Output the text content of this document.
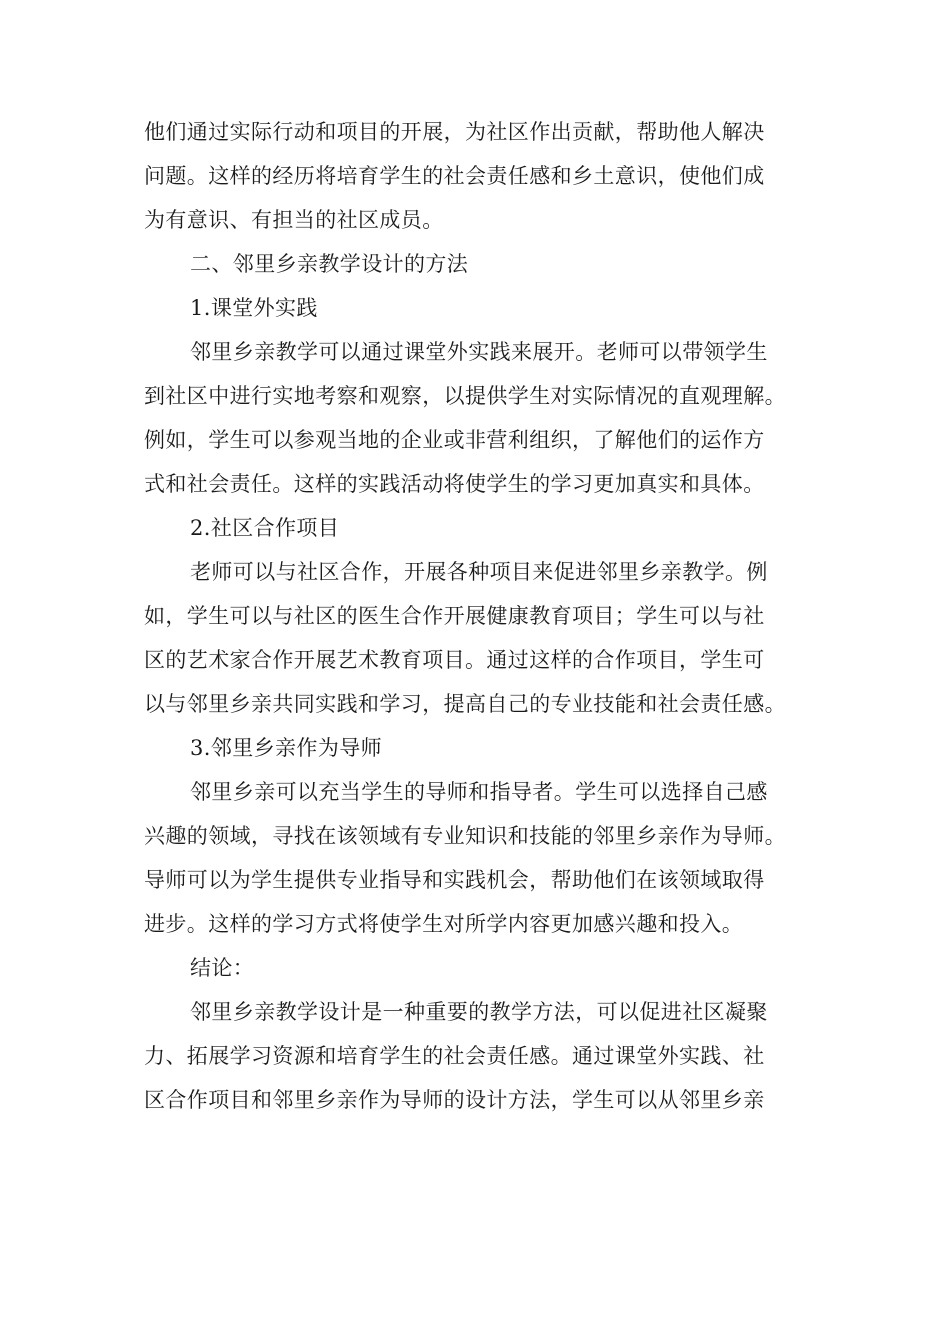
他们通过实际行动和项目的开展，为社区作出贡献，帮助他人解决
问题。这样的经历将培育学生的社会责任感和乡土意识，使他们成
为有意识、有担当的社区成员。
二、邻里乡亲教学设计的方法
1.课堂外实践
邻里乡亲教学可以通过课堂外实践来展开。老师可以带领学生
到社区中进行实地考察和观察，以提供学生对实际情况的直观理解。
例如，学生可以参观当地的企业或非营利组织，了解他们的运作方
式和社会责任。这样的实践活动将使学生的学习更加真实和具体。
2.社区合作项目
老师可以与社区合作，开展各种项目来促进邻里乡亲教学。例
如，学生可以与社区的医生合作开展健康教育项目；学生可以与社
区的艺术家合作开展艺术教育项目。通过这样的合作项目，学生可
以与邻里乡亲共同实践和学习，提高自己的专业技能和社会责任感。
3.邻里乡亲作为导师
邻里乡亲可以充当学生的导师和指导者。学生可以选择自己感
兴趣的领域，寻找在该领域有专业知识和技能的邻里乡亲作为导师。
导师可以为学生提供专业指导和实践机会，帮助他们在该领域取得
进步。这样的学习方式将使学生对所学内容更加感兴趣和投入。
结论：
邻里乡亲教学设计是一种重要的教学方法，可以促进社区凝聚
力、拓展学习资源和培育学生的社会责任感。通过课堂外实践、社
区合作项目和邻里乡亲作为导师的设计方法，学生可以从邻里乡亲
